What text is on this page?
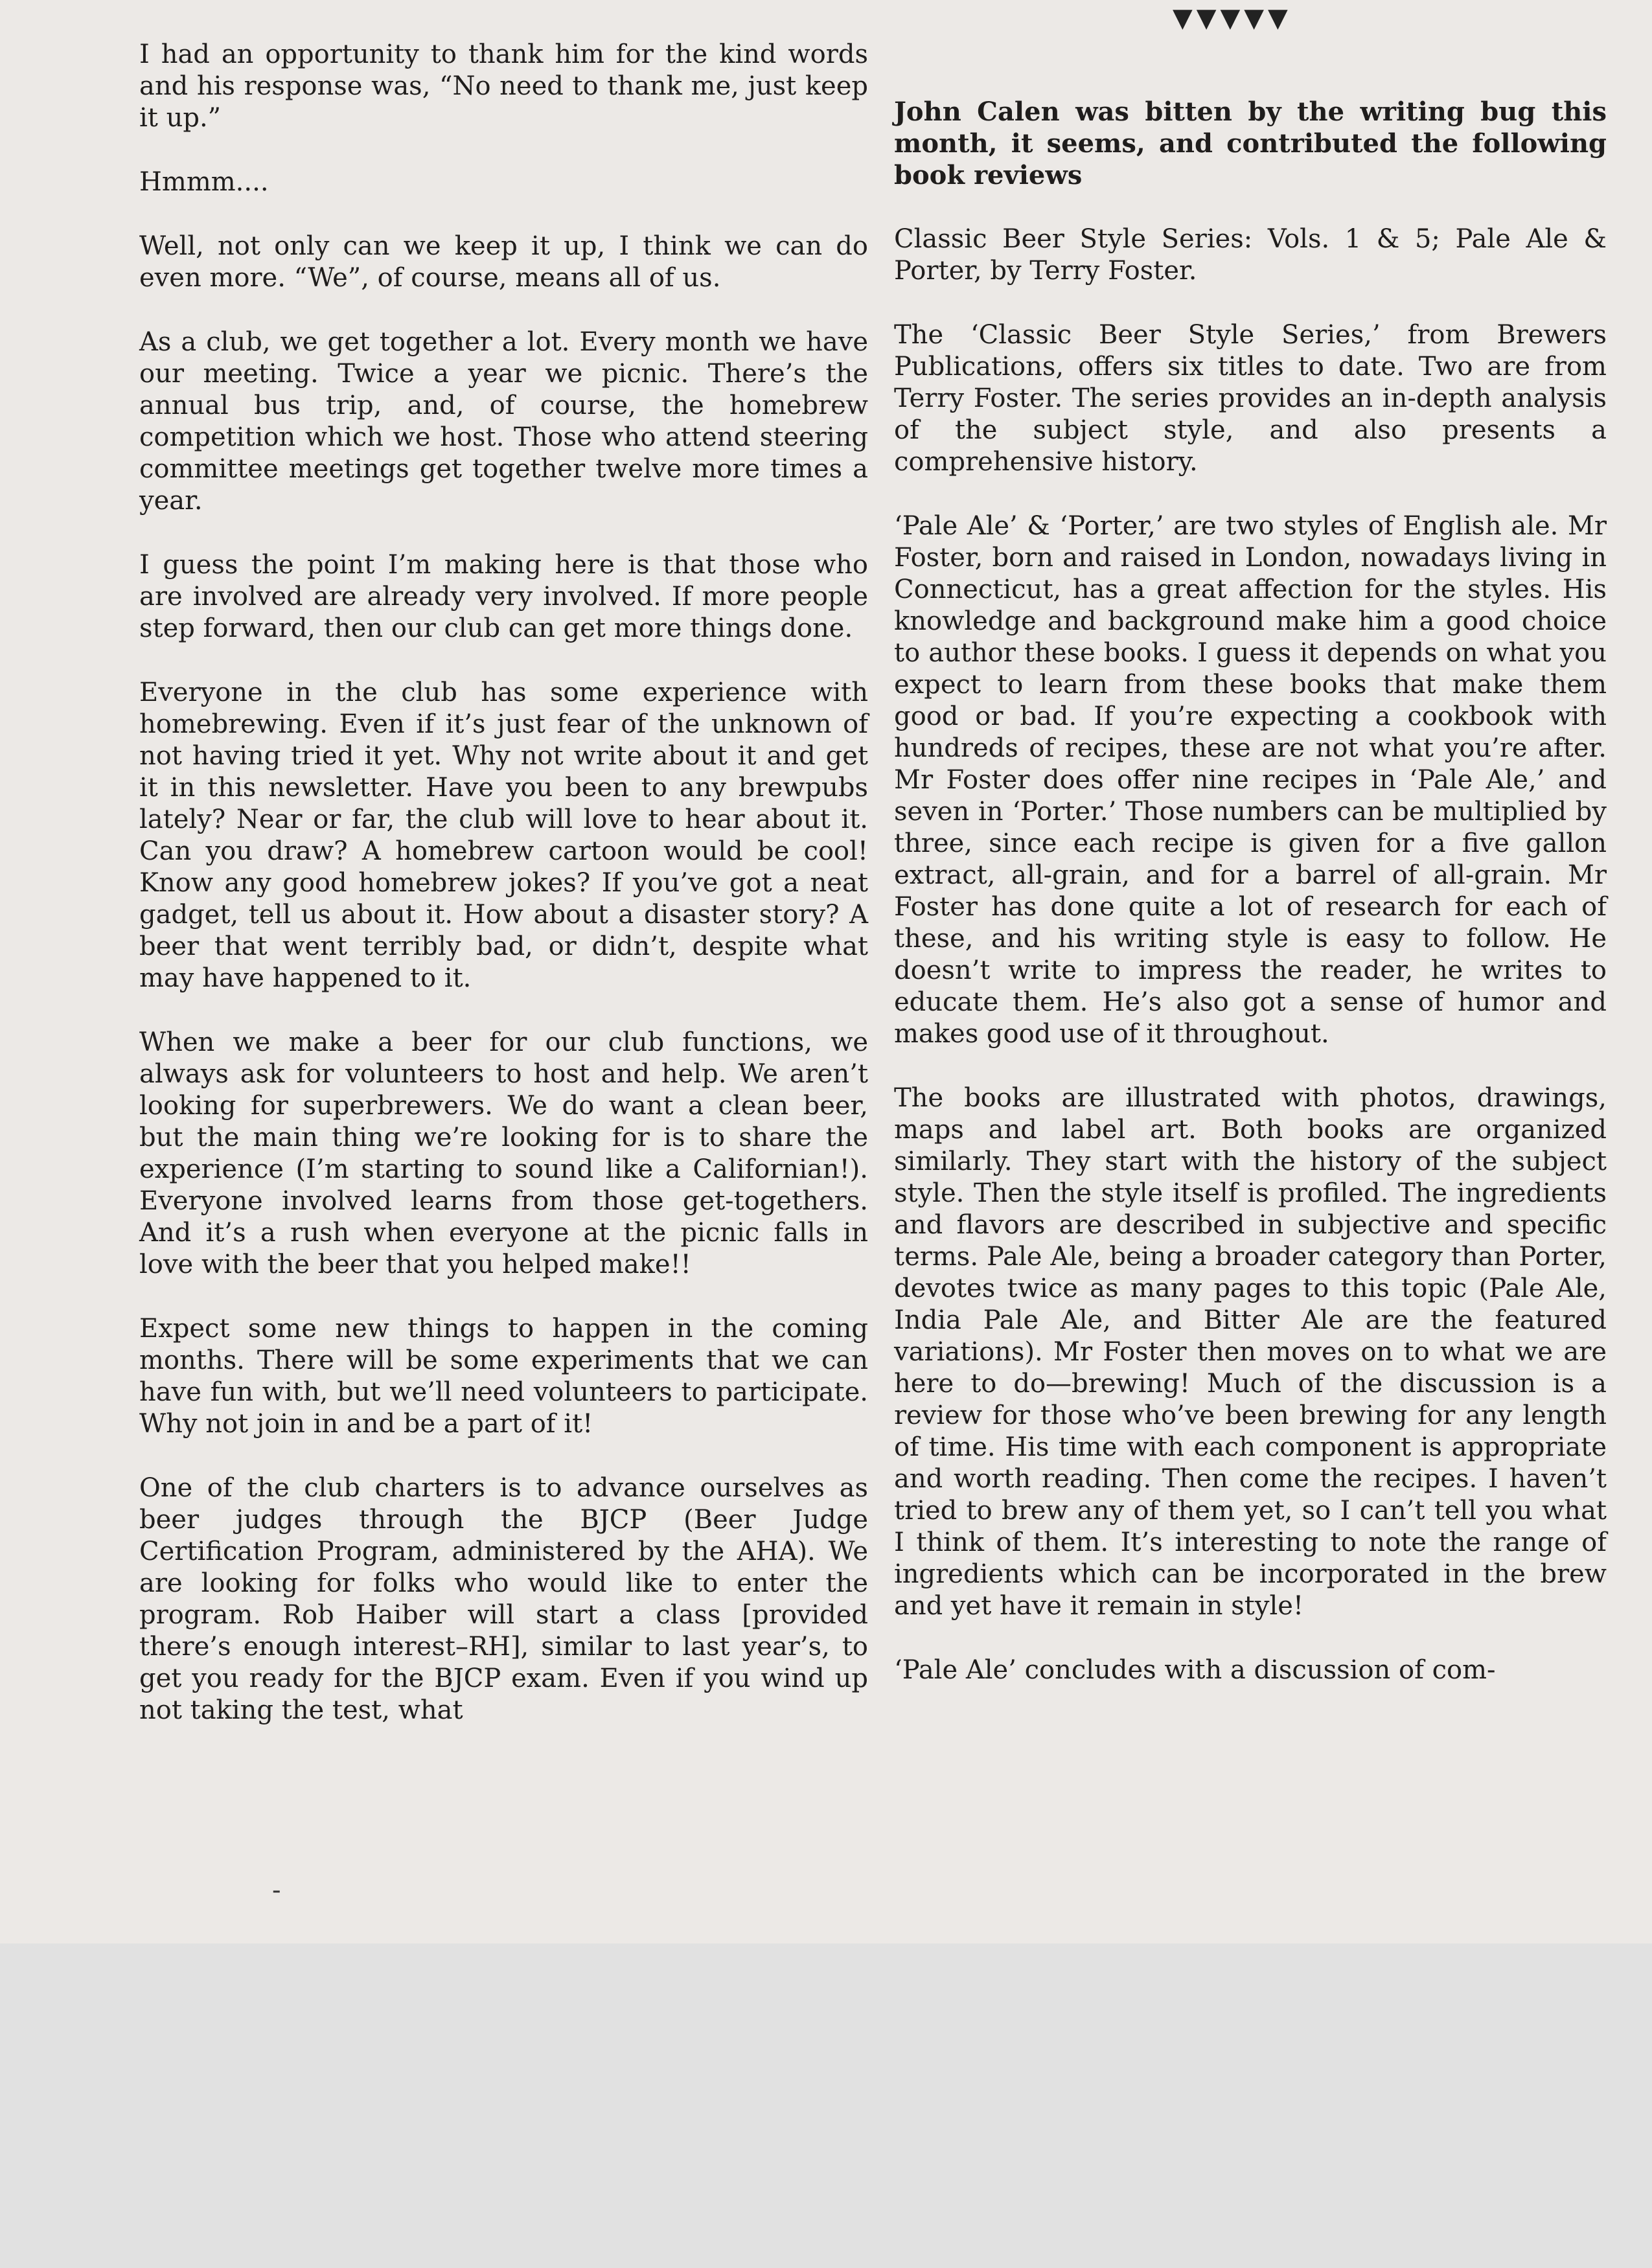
▼▼▼▼▼

I had an opportunity to thank him for the kind words and his response was, “No need to thank me, just keep it up.”

Hmmm....

Well, not only can we keep it up, I think we can do even more. “We”, of course, means all of us.

As a club, we get together a lot. Every month we have our meeting. Twice a year we picnic. There’s the annual bus trip, and, of course, the homebrew competition which we host. Those who attend steering committee meetings get together twelve more times a year.

I guess the point I’m making here is that those who are involved are already very involved. If more people step forward, then our club can get more things done.

Everyone in the club has some experience with homebrewing. Even if it’s just fear of the unknown of not having tried it yet. Why not write about it and get it in this newsletter. Have you been to any brewpubs lately? Near or far, the club will love to hear about it. Can you draw? A homebrew cartoon would be cool! Know any good homebrew jokes? If you’ve got a neat gadget, tell us about it. How about a disaster story? A beer that went terribly bad, or didn’t, despite what may have happened to it.

When we make a beer for our club functions, we always ask for volunteers to host and help. We aren’t looking for superbrewers. We do want a clean beer, but the main thing we’re looking for is to share the experience (I’m starting to sound like a Californian!). Everyone involved learns from those get-togethers. And it’s a rush when everyone at the picnic falls in love with the beer that you helped make!!

Expect some new things to happen in the coming months. There will be some experiments that we can have fun with, but we’ll need volunteers to participate. Why not join in and be a part of it!

One of the club charters is to advance ourselves as beer judges through the BJCP (Beer Judge Certification Program, administered by the AHA). We are looking for folks who would like to enter the program. Rob Haiber will start a class [provided there’s enough interest–RH], similar to last year’s, to get you ready for the BJCP exam. Even if you wind up not taking the test, what

John Calen was bitten by the writing bug this month, it seems, and contributed the following book reviews

Classic Beer Style Series: Vols. 1 & 5; Pale Ale & Porter, by Terry Foster.

The ‘Classic Beer Style Series,’ from Brewers Publications, offers six titles to date. Two are from Terry Foster. The series provides an in-depth analysis of the subject style, and also presents a comprehensive history.

‘Pale Ale’ & ‘Porter,’ are two styles of English ale. Mr Foster, born and raised in London, nowadays living in Connecticut, has a great affection for the styles. His knowledge and background make him a good choice to author these books. I guess it depends on what you expect to learn from these books that make them good or bad. If you’re expecting a cookbook with hundreds of recipes, these are not what you’re after. Mr Foster does offer nine recipes in ‘Pale Ale,’ and seven in ‘Porter.’ Those numbers can be multiplied by three, since each recipe is given for a five gallon extract, all-grain, and for a barrel of all-grain. Mr Foster has done quite a lot of research for each of these, and his writing style is easy to follow. He doesn’t write to impress the reader, he writes to educate them. He’s also got a sense of humor and makes good use of it throughout.

The books are illustrated with photos, drawings, maps and label art. Both books are organized similarly. They start with the history of the subject style. Then the style itself is profiled. The ingredients and flavors are described in subjective and specific terms. Pale Ale, being a broader category than Porter, devotes twice as many pages to this topic (Pale Ale, India Pale Ale, and Bitter Ale are the featured variations). Mr Foster then moves on to what we are here to do—brewing! Much of the discussion is a review for those who’ve been brewing for any length of time. His time with each component is appropriate and worth reading. Then come the recipes. I haven’t tried to brew any of them yet, so I can’t tell you what I think of them. It’s interesting to note the range of ingredients which can be incorporated in the brew and yet have it remain in style!

‘Pale Ale’ concludes with a discussion of com-

-
